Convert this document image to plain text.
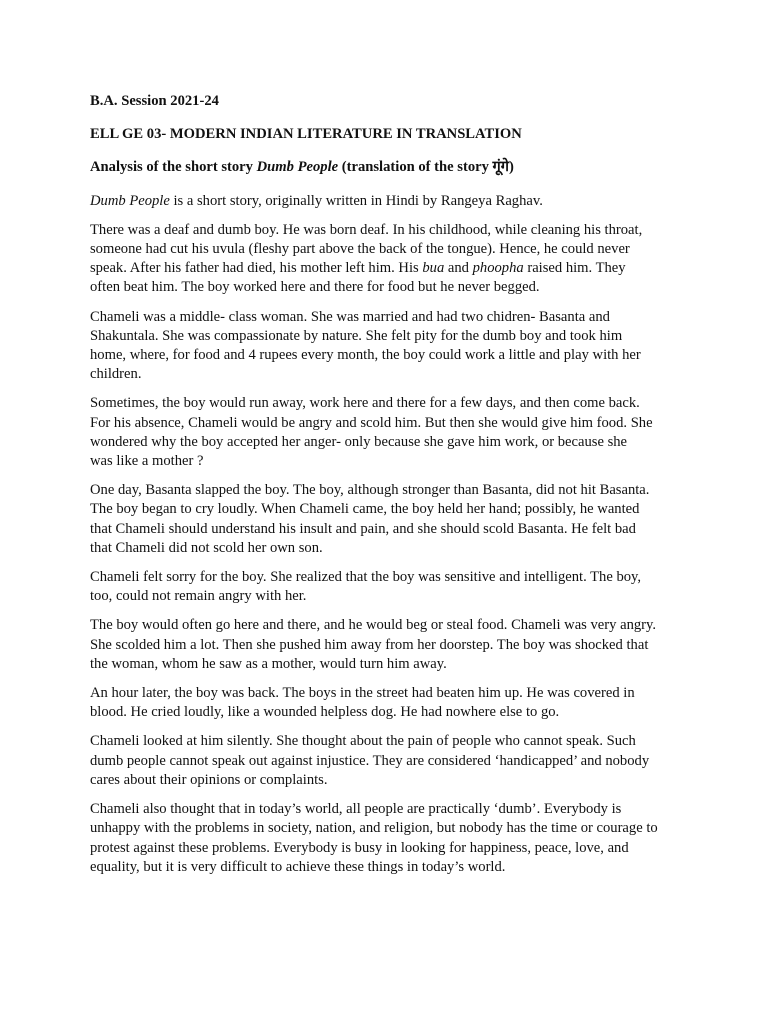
B.A. Session 2021-24

ELL GE 03- MODERN INDIAN LITERATURE IN TRANSLATION

Analysis of the short story Dumb People (translation of the story गूंगे)

Dumb People is a short story, originally written in Hindi by Rangeya Raghav.

There was a deaf and dumb boy. He was born deaf. In his childhood, while cleaning his throat,

someone had cut his uvula (fleshy part above the back of the tongue). Hence, he could never

speak. After his father had died, his mother left him. His bua and phoopha raised him. They

often beat him. The boy worked here and there for food but he never begged.

Chameli was a middle- class woman. She was married and had two chidren- Basanta and

Shakuntala. She was compassionate by nature. She felt pity for the dumb boy and took him

home, where, for food and 4 rupees every month, the boy could work a little and play with her

children.

Sometimes, the boy would run away, work here and there for a few days, and then come back.

For his absence, Chameli would be angry and scold him. But then she would give him food. She

wondered why the boy accepted her anger- only because she gave him work, or because she

was like a mother ?

One day, Basanta slapped the boy. The boy, although stronger than Basanta, did not hit Basanta.

The boy began to cry loudly. When Chameli came, the boy held her hand; possibly, he wanted

that Chameli should understand his insult and pain, and she should scold Basanta. He felt bad

that Chameli did not scold her own son.

Chameli felt sorry for the boy. She realized that the boy was sensitive and intelligent. The boy,

too, could not remain angry with her.

The boy would often go here and there, and he would beg or steal food. Chameli was very angry.

She scolded him a lot. Then she pushed him away from her doorstep. The boy was shocked that

the woman, whom he saw as a mother, would turn him away.

An hour later, the boy was back. The boys in the street had beaten him up. He was covered in

blood. He cried loudly, like a wounded helpless dog. He had nowhere else to go.

Chameli looked at him silently. She thought about the pain of people who cannot speak. Such

dumb people cannot speak out against injustice. They are considered ‘handicapped’ and nobody

cares about their opinions or complaints.

Chameli also thought that in today’s world, all people are practically ‘dumb’. Everybody is

unhappy with the problems in society, nation, and religion, but nobody has the time or courage to

protest against these problems. Everybody is busy in looking for happiness, peace, love, and

equality, but it is very difficult to achieve these things in today’s world.
